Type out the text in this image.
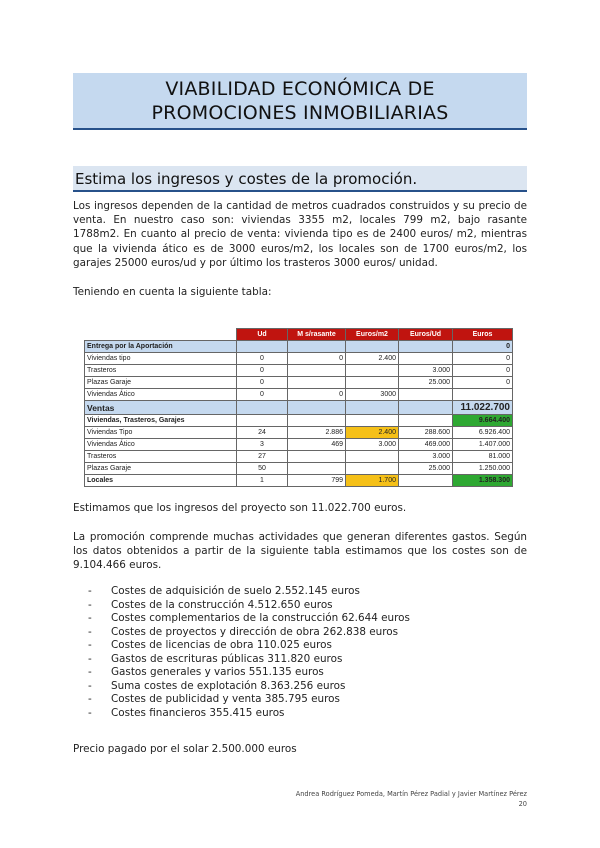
VIABILIDAD ECONÓMICA DE
PROMOCIONES INMOBILIARIAS
Estima los ingresos y costes de la promoción.
Los ingresos dependen de la cantidad de metros cuadrados construidos y su precio de venta. En nuestro caso son: viviendas 3355 m2, locales 799 m2, bajo rasante 1788m2. En cuanto al precio de venta: vivienda tipo es de 2400 euros/ m2, mientras que la vivienda ático es de 3000 euros/m2, los locales son de 1700 euros/m2, los garajes 25000 euros/ud y por último los trasteros 3000 euros/ unidad.
Teniendo en cuenta la siguiente tabla:
	Ud	M s/rasante	Euros/m2	Euros/Ud	Euros
Entrega por la Aportación					0
Viviendas tipo	0	0	2.400		0
Trasteros	0			3.000	0
Plazas Garaje	0			25.000	0
Viviendas Ático	0	0	3000		
Ventas					11.022.700
Viviendas, Trasteros, Garajes					9.664.400
Viviendas Tipo	24	2.886	2.400	288.600	6.926.400
Viviendas Ático	3	469	3.000	469.000	1.407.000
Trasteros	27			3.000	81.000
Plazas Garaje	50			25.000	1.250.000
Locales	1	799	1.700		1.358.300
Estimamos que los ingresos del proyecto son 11.022.700 euros.
La promoción comprende muchas actividades que generan diferentes gastos. Según los datos obtenidos a partir de la siguiente tabla estimamos que los costes son de 9.104.466 euros.
- Costes de adquisición de suelo 2.552.145 euros
- Costes de la construcción 4.512.650 euros
- Costes complementarios de la construcción 62.644 euros
- Costes de proyectos y dirección de obra 262.838 euros
- Costes de licencias de obra 110.025 euros
- Gastos de escrituras públicas 311.820 euros
- Gastos generales y varios 551.135 euros
- Suma costes de explotación 8.363.256 euros
- Costes de publicidad y venta 385.795 euros
- Costes financieros 355.415 euros
Precio pagado por el solar 2.500.000 euros
Andrea Rodríguez Pomeda, Martín Pérez Padial y Javier Martínez Pérez
20
